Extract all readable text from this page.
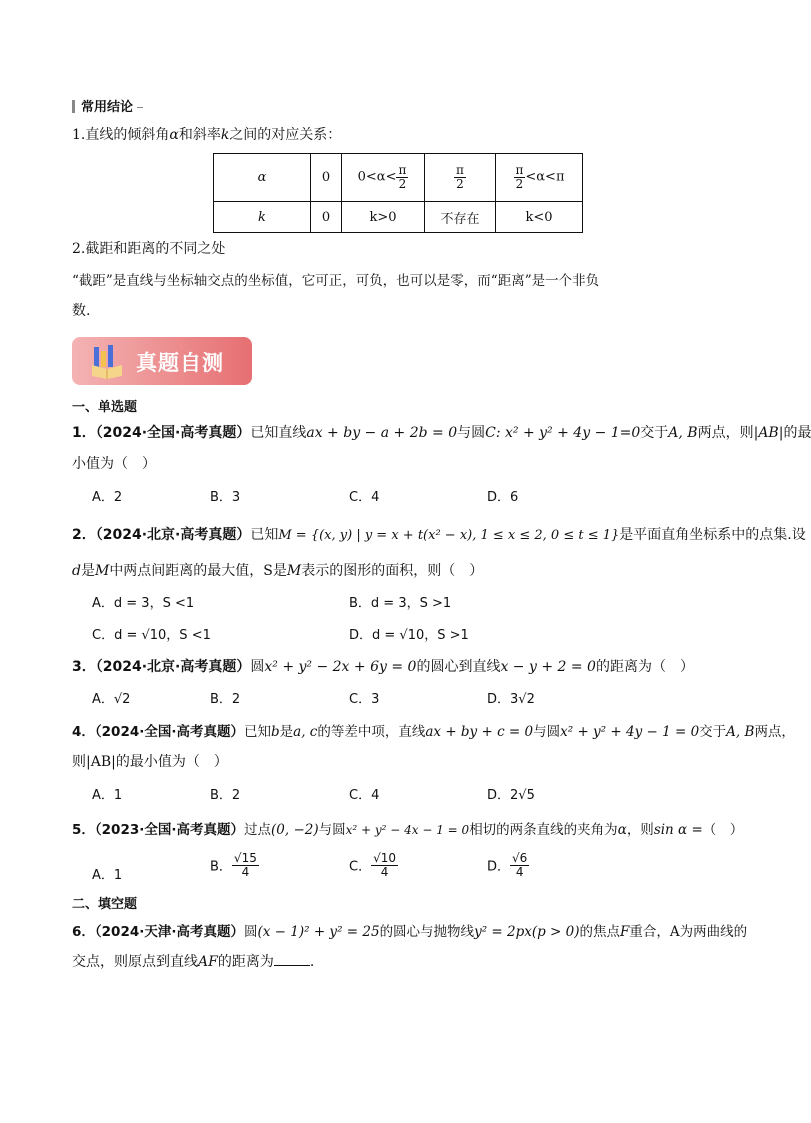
常用结论
1.直线的倾斜角α和斜率k之间的对应关系：
α	0	$0<\alpha< \frac{\pi}{2}$	$\frac{\pi}{2}$	$\frac{\pi}{2} <\alpha<\pi$
k	0	k>0	不存在	k<0
2.截距和距离的不同之处
“截距”是直线与坐标轴交点的坐标值，它可正，可负，也可以是零，而“距离”是一个非负
数.
真题自测
一、单选题
1．（2024·全国·高考真题）已知直线ax + by − a + 2b = 0与圆C: x² + y² + 4y − 1=0交于A, B两点，则|AB|的最
小值为（　）
A．2	B．3	C．4	D．6
2．（2024·北京·高考真题）已知M = {(x, y) | y = x + t(x² − x), 1 ≤ x ≤ 2, 0 ≤ t ≤ 1}是平面直角坐标系中的点集.设
d是M中两点间距离的最大值，S是M表示的图形的面积，则（　）
A．d = 3，S <1	B．d = 3，S >1
C．d = √10，S <1	D．d = √10，S >1
3．（2024·北京·高考真题）圆x² + y² − 2x + 6y = 0的圆心到直线x − y + 2 = 0的距离为（　）
A．√2	B．2	C．3	D．3√2
4．（2024·全国·高考真题）已知b是a, c的等差中项，直线ax + by + c = 0与圆x² + y² + 4y − 1 = 0交于A, B两点，
则|AB|的最小值为（　）
A．1	B．2	C．4	D．2√5
5．（2023·全国·高考真题）过点(0, −2)与圆x² + y² − 4x − 1 = 0相切的两条直线的夹角为α，则sin α =（　）
A．1
B． $\frac{√15}{4}$	C． $\frac{√10}{4}$	D． $\frac{√6}{4}$
二、填空题
6．（2024·天津·高考真题）圆(x − 1)² + y² = 25的圆心与抛物线y² = 2px(p > 0)的焦点F重合，A为两曲线的
交点，则原点到直线AF的距离为	.
